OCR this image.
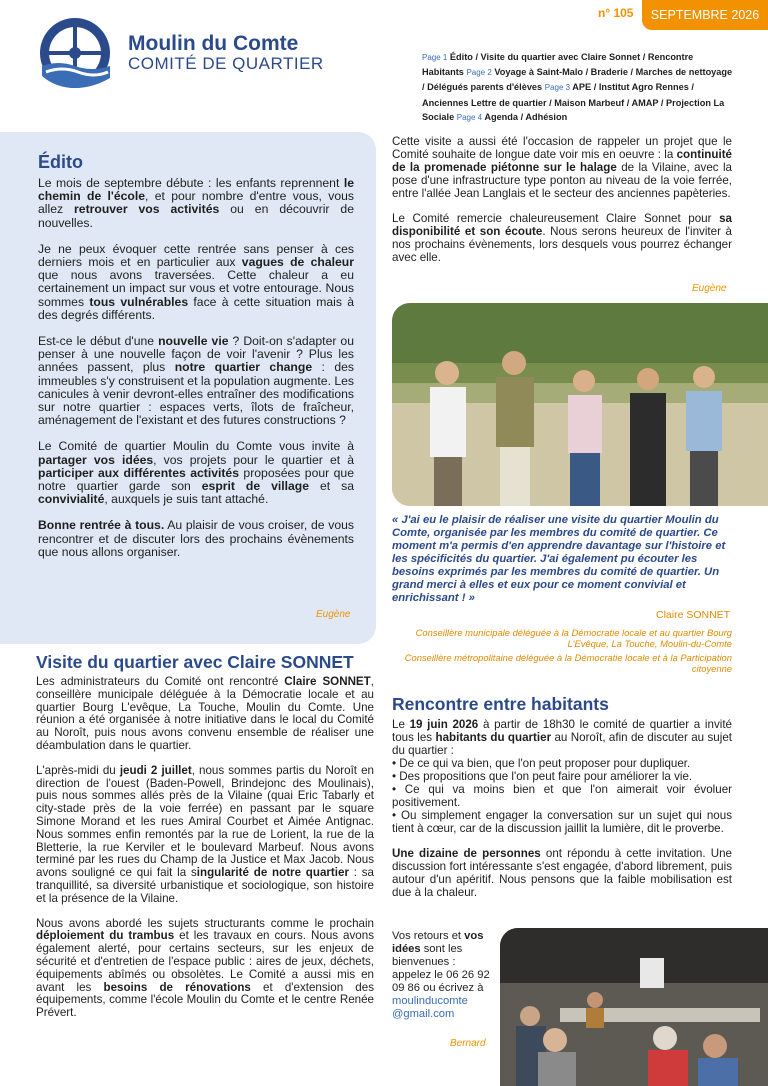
n° 105	SEPTEMBRE 2026
Moulin du Comte
COMITÉ DE QUARTIER	Page 1 Édito / Visite du quartier avec Claire Sonnet / Rencontre Habitants Page 2 Voyage à Saint-Malo / Braderie / Marches de nettoyage / Délégués parents d'élèves Page 3 APE / Institut Agro Rennes / Anciennes Lettre de quartier / Maison Marbeuf / AMAP / Projection La Sociale Page 4 Agenda / Adhésion
Édito

Le mois de septembre débute : les enfants reprennent le chemin de l'école, et pour nombre d'entre vous, vous allez retrouver vos activités ou en découvrir de nouvelles.

Je ne peux évoquer cette rentrée sans penser à ces derniers mois et en particulier aux vagues de chaleur que nous avons traversées. Cette chaleur a eu certainement un impact sur vous et votre entourage. Nous sommes tous vulnérables face à cette situation mais à des degrés différents.

Est-ce le début d'une nouvelle vie ? Doit-on s'adapter ou penser à une nouvelle façon de voir l'avenir ? Plus les années passent, plus notre quartier change : des immeubles s'y construisent et la population augmente. Les canicules à venir devront-elles entraîner des modifications sur notre quartier : espaces verts, îlots de fraîcheur, aménagement de l'existant et des futures constructions ?

Le Comité de quartier Moulin du Comte vous invite à partager vos idées, vos projets pour le quartier et à participer aux différentes activités proposées pour que notre quartier garde son esprit de village et sa convivialité, auxquels je suis tant attaché.

Bonne rentrée à tous. Au plaisir de vous croiser, de vous rencontrer et de discuter lors des prochains évènements que nous allons organiser.

Eugène
Visite du quartier avec Claire SONNET

Les administrateurs du Comité ont rencontré Claire SONNET, conseillère municipale déléguée à la Démocratie locale et au quartier Bourg L'evêque, La Touche, Moulin du Comte. Une réunion a été organisée à notre initiative dans le local du Comité au Noroît, puis nous avons convenu ensemble de réaliser une déambulation dans le quartier.

L'après-midi du jeudi 2 juillet, nous sommes partis du Noroît en direction de l'ouest (Baden-Powell, Brindejonc des Moulinais), puis nous sommes allés près de la Vilaine (quai Eric Tabarly et city-stade près de la voie ferrée) en passant par le square Simone Morand et les rues Amiral Courbet et Aimée Antignac. Nous sommes enfin remontés par la rue de Lorient, la rue de la Bletterie, la rue Kerviler et le boulevard Marbeuf. Nous avons terminé par les rues du Champ de la Justice et Max Jacob. Nous avons souligné ce qui fait la singularité de notre quartier : sa tranquillité, sa diversité urbanistique et sociologique, son histoire et la présence de la Vilaine.

Nous avons abordé les sujets structurants comme le prochain déploiement du trambus et les travaux en cours. Nous avons également alerté, pour certains secteurs, sur les enjeux de sécurité et d'entretien de l'espace public : aires de jeux, déchets, équipements abîmés ou obsolètes. Le Comité a aussi mis en avant les besoins de rénovations et d'extension des équipements, comme l'école Moulin du Comte et le centre Renée Prévert.

Cette visite a aussi été l'occasion de rappeler un projet que le Comité souhaite de longue date voir mis en oeuvre : la continuité de la promenade piétonne sur le halage de la Vilaine, avec la pose d'une infrastructure type ponton au niveau de la voie ferrée, entre l'allée Jean Langlais et le secteur des anciennes papèteries.

Le Comité remercie chaleureusement Claire Sonnet pour sa disponibilité et son écoute. Nous serons heureux de l'inviter à nos prochains évènements, lors desquels vous pourrez échanger avec elle.

Eugène
« J'ai eu le plaisir de réaliser une visite du quartier Moulin du Comte, organisée par les membres du comité de quartier. Ce moment m'a permis d'en apprendre davantage sur l'histoire et les spécificités du quartier. J'ai également pu écouter les besoins exprimés par les membres du comité de quartier. Un grand merci à elles et eux pour ce moment convivial et enrichissant ! »
Claire SONNET
Conseillère municipale déléguée à la Démocratie locale et au quartier Bourg L'Evêque, La Touche, Moulin-du-Comte
Conseillère métropolitaine déléguée à la Démocratie locale et à la Participation citoyenne
Rencontre entre habitants
Le 19 juin 2026 à partir de 18h30 le comité de quartier a invité tous les habitants du quartier au Noroît, afin de discuter au sujet du quartier :
• De ce qui va bien, que l'on peut proposer pour dupliquer.
• Des propositions que l'on peut faire pour améliorer la vie.
• Ce qui va moins bien et que l'on aimerait voir évoluer positivement.

• Ou simplement engager la conversation sur un sujet qui nous tient à cœur, car de la discussion jaillit la lumière, dit le proverbe.

Une dizaine de personnes ont répondu à cette invitation. Une discussion fort intéressante s'est engagée, d'abord librement, puis autour d'un apéritif. Nous pensons que la faible mobilisation est due à la chaleur.

Vos retours et vos idées sont les bienvenues : appelez le 06 26 92 09 86 ou écrivez à moulinducomte @gmail.com
Bernard
